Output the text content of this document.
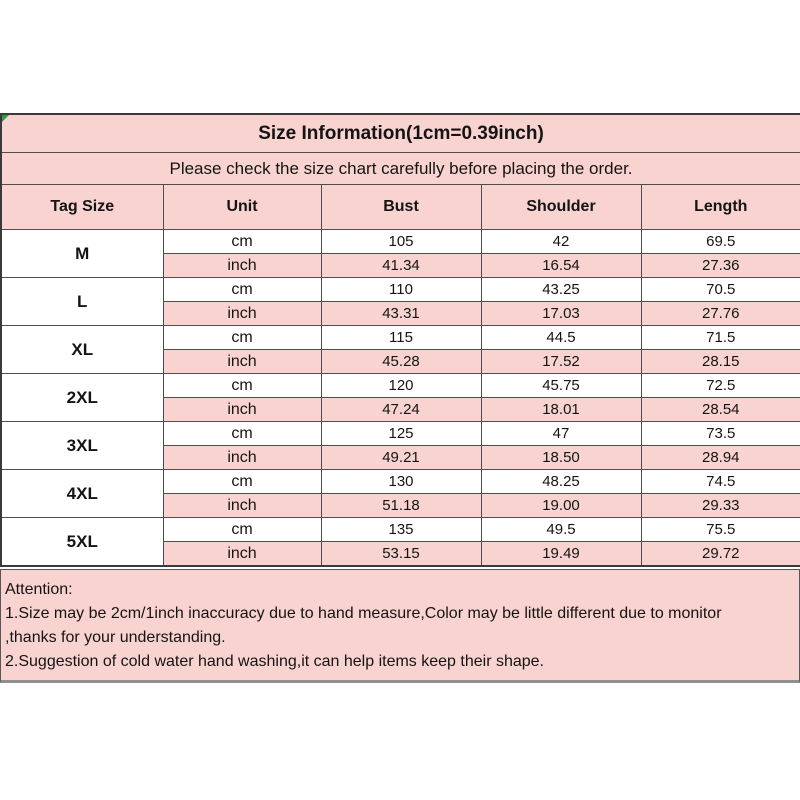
Size Information(1cm=0.39inch)				
Please check the size chart carefully before placing the order.				
Tag Size	Unit	Bust	Shoulder	Length
M	cm	105	42	69.5
	inch	41.34	16.54	27.36
L	cm	110	43.25	70.5
	inch	43.31	17.03	27.76
XL	cm	115	44.5	71.5
	inch	45.28	17.52	28.15
2XL	cm	120	45.75	72.5
	inch	47.24	18.01	28.54
3XL	cm	125	47	73.5
	inch	49.21	18.50	28.94
4XL	cm	130	48.25	74.5
	inch	51.18	19.00	29.33
5XL	cm	135	49.5	75.5
	inch	53.15	19.49	29.72
Attention:
1.Size may be 2cm/1inch inaccuracy due to hand measure,Color may be little different due to monitor
,thanks for your understanding.
2.Suggestion of cold water hand washing,it can help items keep their shape.
